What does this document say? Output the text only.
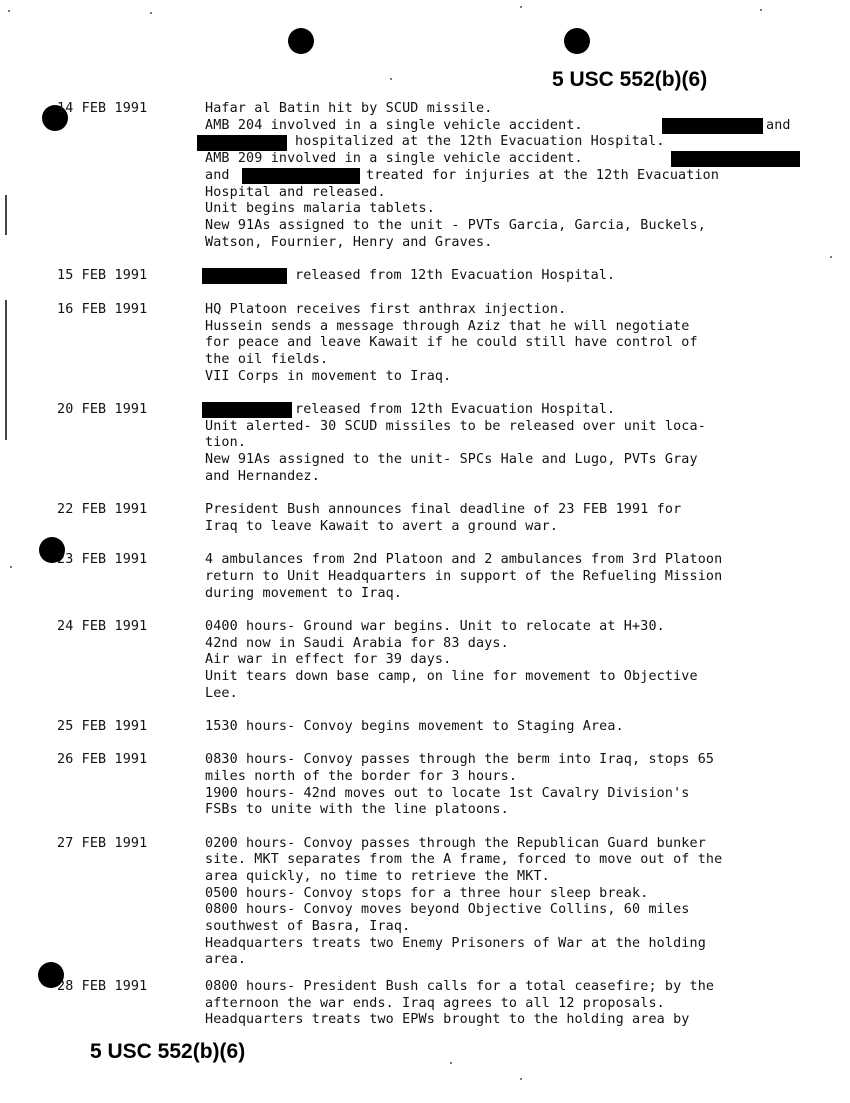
5 USC 552(b)(6)
5 USC 552(b)(6)
14 FEB 1991	Hafar al Batin hit by SCUD missile.
AMB 204 involved in a single vehicle accident.	and
hospitalized at the 12th Evacuation Hospital.
AMB 209 involved in a single vehicle accident.
and	treated for injuries at the 12th Evacuation
Hospital and released.
Unit begins malaria tablets.
New 91As assigned to the unit - PVTs Garcia, Garcia, Buckels,
Watson, Fournier, Henry and Graves.
15 FEB 1991	released from 12th Evacuation Hospital.
16 FEB 1991	HQ Platoon receives first anthrax injection.
Hussein sends a message through Aziz that he will negotiate
for peace and leave Kawait if he could still have control of
the oil fields.
VII Corps in movement to Iraq.
20 FEB 1991	released from 12th Evacuation Hospital.
Unit alerted- 30 SCUD missiles to be released over unit loca-
tion.
New 91As assigned to the unit- SPCs Hale and Lugo, PVTs Gray
and Hernandez.
22 FEB 1991	President Bush announces final deadline of 23 FEB 1991 for
Iraq to leave Kawait to avert a ground war.
23 FEB 1991	4 ambulances from 2nd Platoon and 2 ambulances from 3rd Platoon
return to Unit Headquarters in support of the Refueling Mission
during movement to Iraq.
24 FEB 1991	0400 hours- Ground war begins. Unit to relocate at H+30.
42nd now in Saudi Arabia for 83 days.
Air war in effect for 39 days.
Unit tears down base camp, on line for movement to Objective
Lee.
25 FEB 1991	1530 hours- Convoy begins movement to Staging Area.
26 FEB 1991	0830 hours- Convoy passes through the berm into Iraq, stops 65
miles north of the border for 3 hours.
1900 hours- 42nd moves out to locate 1st Cavalry Division's
FSBs to unite with the line platoons.
27 FEB 1991	0200 hours- Convoy passes through the Republican Guard bunker
site. MKT separates from the A frame, forced to move out of the
area quickly, no time to retrieve the MKT.
0500 hours- Convoy stops for a three hour sleep break.
0800 hours- Convoy moves beyond Objective Collins, 60 miles
southwest of Basra, Iraq.
Headquarters treats two Enemy Prisoners of War at the holding
area.
28 FEB 1991	0800 hours- President Bush calls for a total ceasefire; by the
afternoon the war ends. Iraq agrees to all 12 proposals.
Headquarters treats two EPWs brought to the holding area by
